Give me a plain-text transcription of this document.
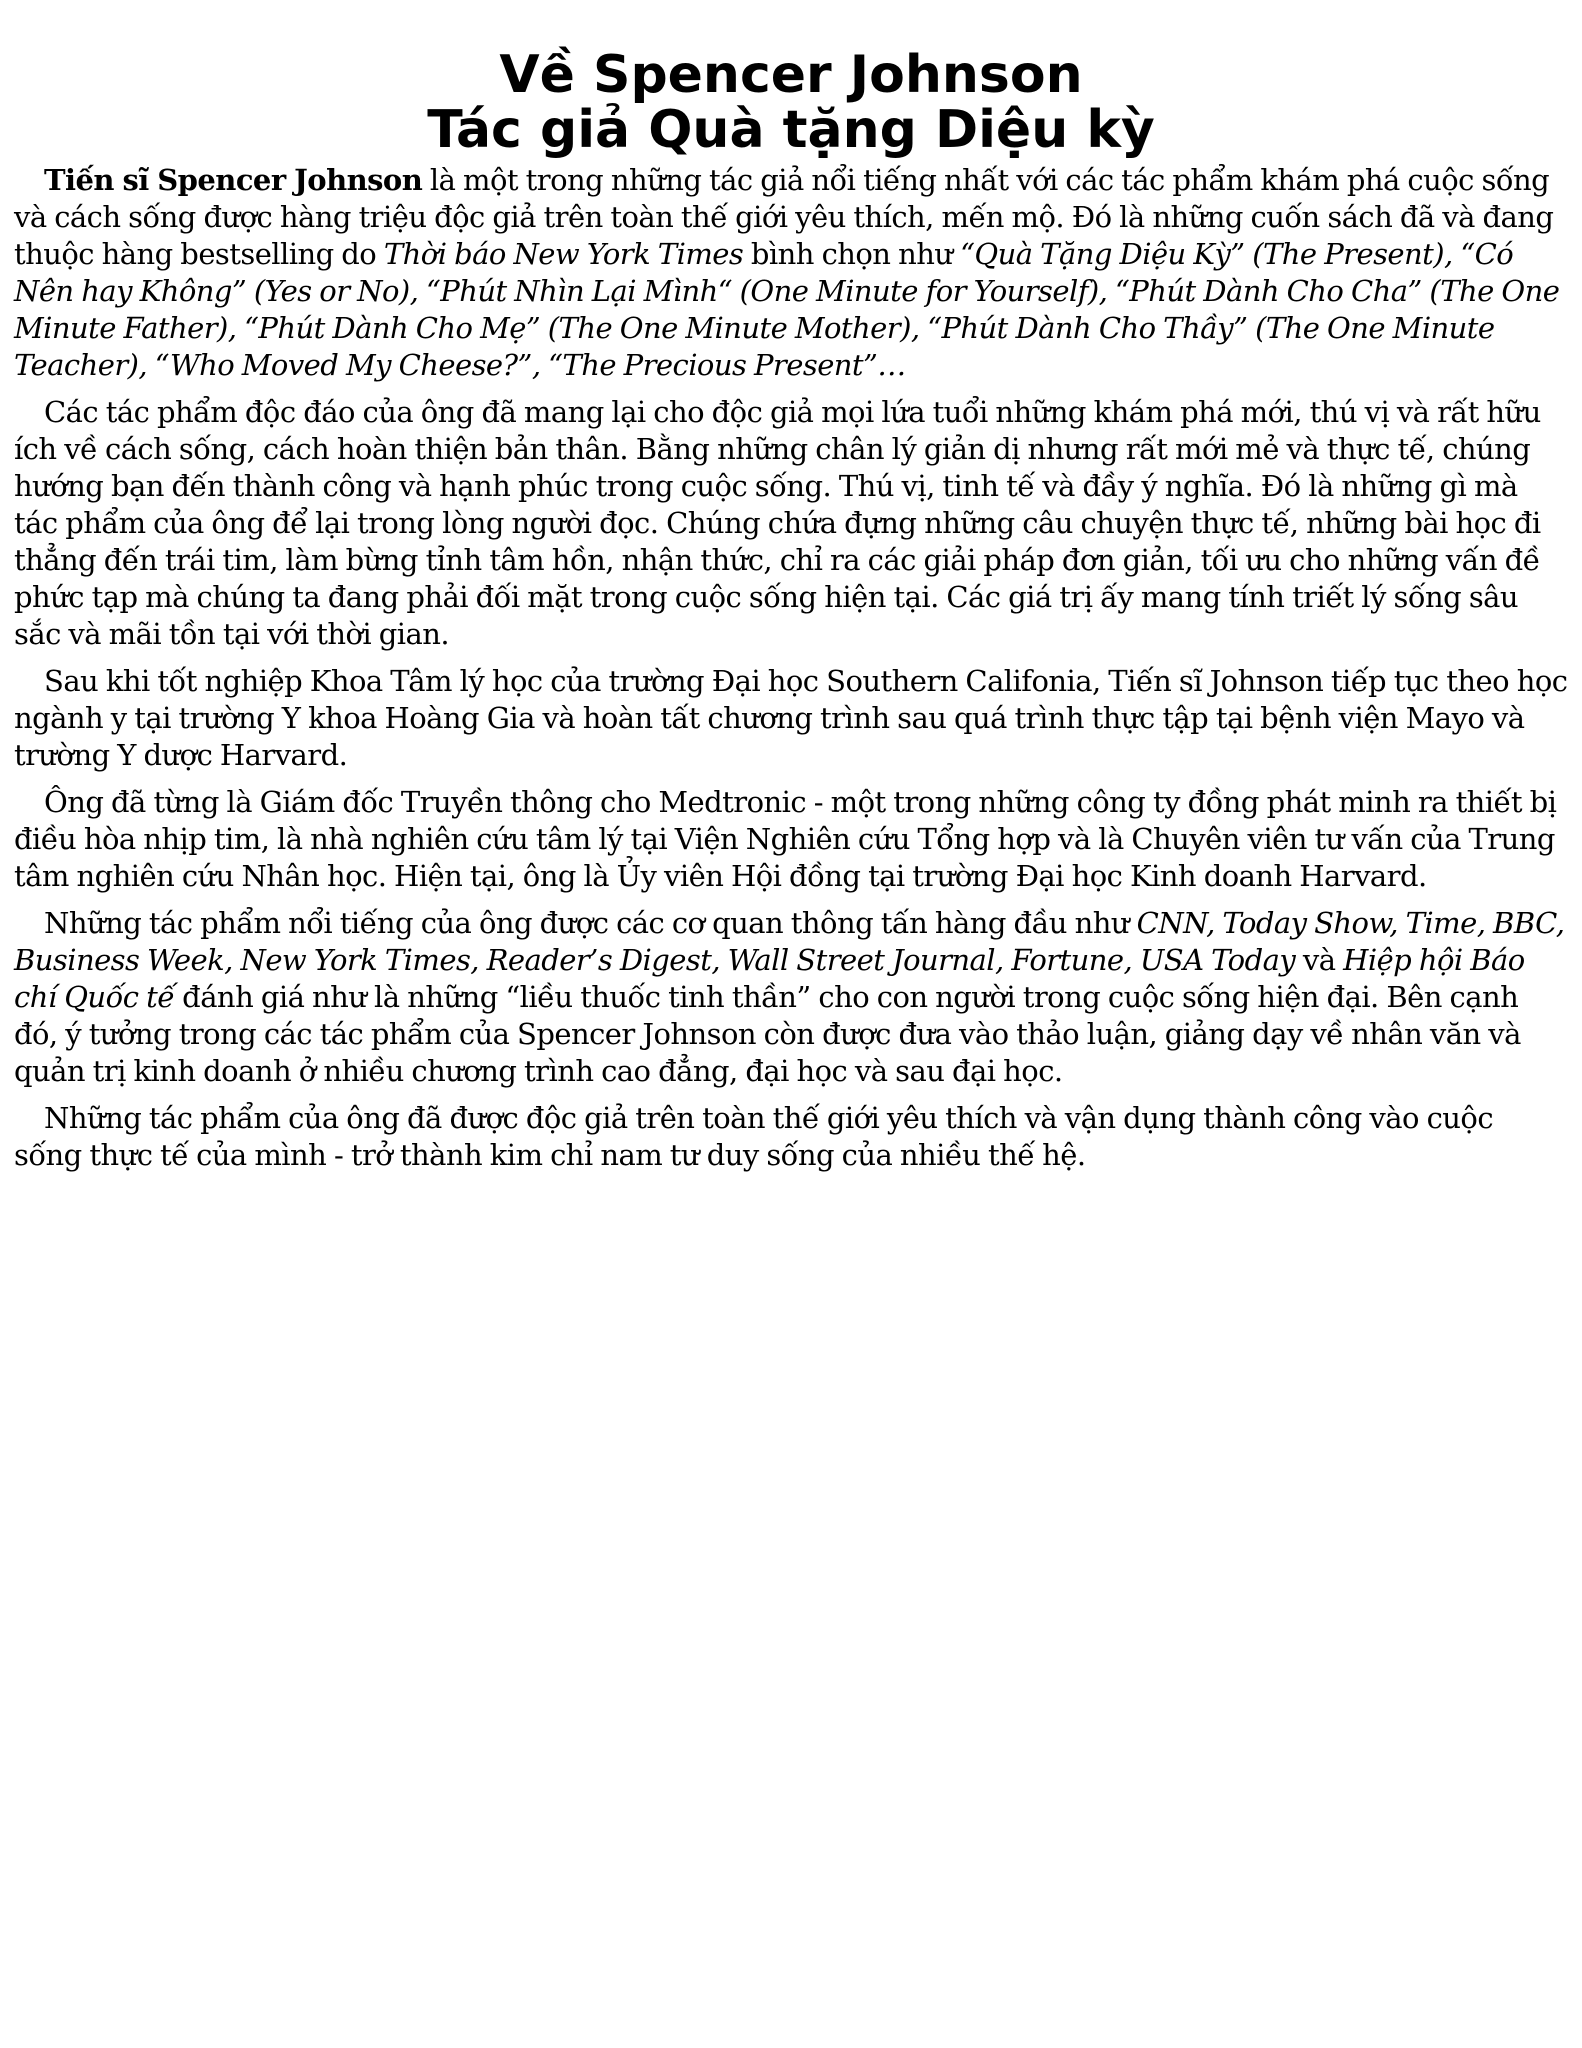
Về Spencer Johnson
Tác giả Quà tặng Diệu kỳ

Tiến sĩ Spencer Johnson là một trong những tác giả nổi tiếng nhất với các tác phẩm khám phá cuộc sống và cách sống được hàng triệu độc giả trên toàn thế giới yêu thích, mến mộ. Đó là những cuốn sách đã và đang thuộc hàng bestselling do Thời báo New York Times bình chọn như “Quà Tặng Diệu Kỳ” (The Present), “Có Nên hay Không” (Yes or No), “Phút Nhìn Lại Mình“ (One Minute for Yourself), “Phút Dành Cho Cha” (The One Minute Father), “Phút Dành Cho Mẹ” (The One Minute Mother), “Phút Dành Cho Thầy” (The One Minute Teacher), “Who Moved My Cheese?”, “The Precious Present”…

Các tác phẩm độc đáo của ông đã mang lại cho độc giả mọi lứa tuổi những khám phá mới, thú vị và rất hữu ích về cách sống, cách hoàn thiện bản thân. Bằng những chân lý giản dị nhưng rất mới mẻ và thực tế, chúng hướng bạn đến thành công và hạnh phúc trong cuộc sống. Thú vị, tinh tế và đầy ý nghĩa. Đó là những gì mà tác phẩm của ông để lại trong lòng người đọc. Chúng chứa đựng những câu chuyện thực tế, những bài học đi thẳng đến trái tim, làm bừng tỉnh tâm hồn, nhận thức, chỉ ra các giải pháp đơn giản, tối ưu cho những vấn đề phức tạp mà chúng ta đang phải đối mặt trong cuộc sống hiện tại. Các giá trị ấy mang tính triết lý sống sâu sắc và mãi tồn tại với thời gian.

Sau khi tốt nghiệp Khoa Tâm lý học của trường Đại học Southern Califonia, Tiến sĩ Johnson tiếp tục theo học ngành y tại trường Y khoa Hoàng Gia và hoàn tất chương trình sau quá trình thực tập tại bệnh viện Mayo và trường Y dược Harvard.

Ông đã từng là Giám đốc Truyền thông cho Medtronic - một trong những công ty đồng phát minh ra thiết bị điều hòa nhịp tim, là nhà nghiên cứu tâm lý tại Viện Nghiên cứu Tổng hợp và là Chuyên viên tư vấn của Trung tâm nghiên cứu Nhân học. Hiện tại, ông là Ủy viên Hội đồng tại trường Đại học Kinh doanh Harvard.

Những tác phẩm nổi tiếng của ông được các cơ quan thông tấn hàng đầu như CNN, Today Show, Time, BBC, Business Week, New York Times, Reader’s Digest, Wall Street Journal, Fortune, USA Today và Hiệp hội Báo chí Quốc tế đánh giá như là những “liều thuốc tinh thần” cho con người trong cuộc sống hiện đại. Bên cạnh đó, ý tưởng trong các tác phẩm của Spencer Johnson còn được đưa vào thảo luận, giảng dạy về nhân văn và quản trị kinh doanh ở nhiều chương trình cao đẳng, đại học và sau đại học.

Những tác phẩm của ông đã được độc giả trên toàn thế giới yêu thích và vận dụng thành công vào cuộc sống thực tế của mình - trở thành kim chỉ nam tư duy sống của nhiều thế hệ.
